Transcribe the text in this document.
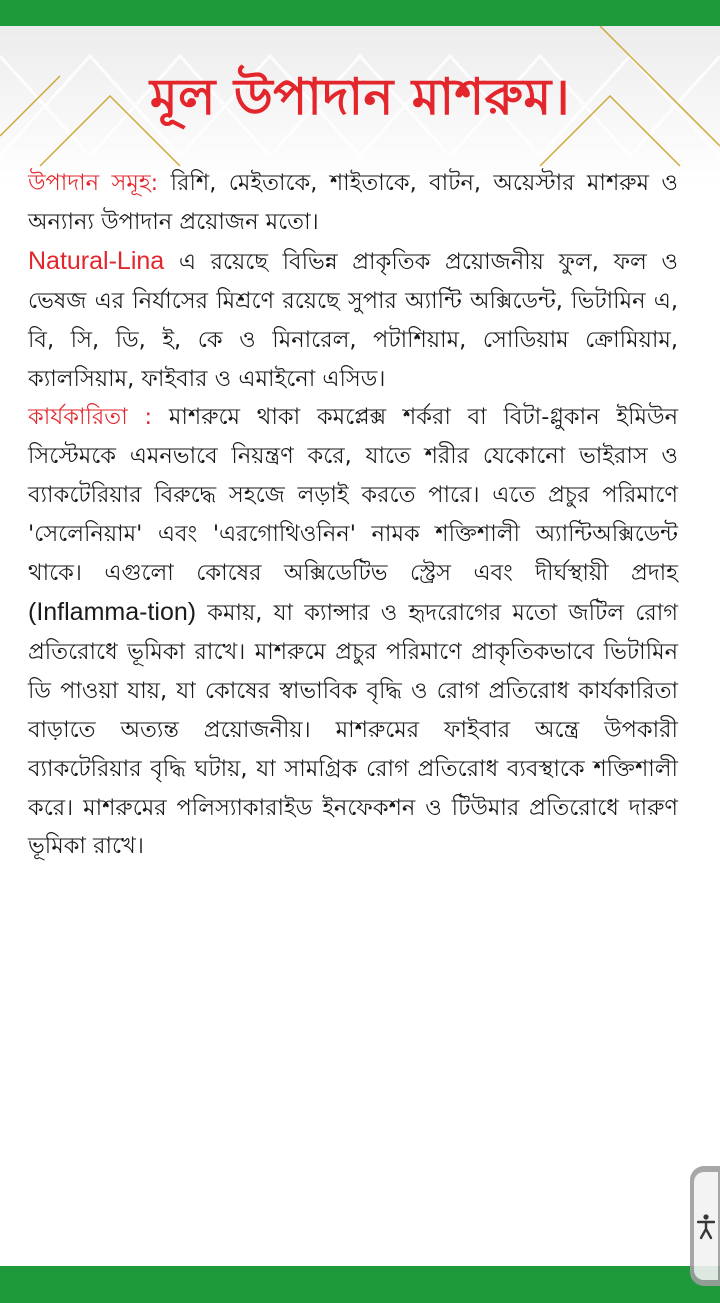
মূল উপাদান মাশরুম।

উপাদান সমূহ: রিশি, মেইতাকে, শাইতাকে, বাটন, অয়েস্টার মাশরুম ও অন্যান্য উপাদান প্রয়োজন মতো।

Natural-Lina এ রয়েছে বিভিন্ন প্রাকৃতিক প্রয়োজনীয় ফুল, ফল ও ভেষজ এর নির্যাসের মিশ্রণে রয়েছে সুপার অ্যান্টি অক্সিডেন্ট, ভিটামিন এ, বি, সি, ডি, ই, কে ও মিনারেল, পটাশিয়াম, সোডিয়াম ক্রোমিয়াম, ক্যালসিয়াম, ফাইবার ও এমাইনো এসিড।

কার্যকারিতা : মাশরুমে থাকা কমপ্লেক্স শর্করা বা বিটা-গ্লুকান ইমিউন সিস্টেমকে এমনভাবে নিয়ন্ত্রণ করে, যাতে শরীর যেকোনো ভাইরাস ও ব্যাকটেরিয়ার বিরুদ্ধে সহজে লড়াই করতে পারে। এতে প্রচুর পরিমাণে 'সেলেনিয়াম' এবং 'এরগোথিওনিন' নামক শক্তিশালী অ্যান্টিঅক্সিডেন্ট থাকে। এগুলো কোষের অক্সিডেটিভ স্ট্রেস এবং দীর্ঘস্থায়ী প্রদাহ (Inflamma-tion) কমায়, যা ক্যান্সার ও হৃদরোগের মতো জটিল রোগ প্রতিরোধে ভূমিকা রাখে। মাশরুমে প্রচুর পরিমাণে প্রাকৃতিকভাবে ভিটামিন ডি পাওয়া যায়, যা কোষের স্বাভাবিক বৃদ্ধি ও রোগ প্রতিরোধ কার্যকারিতা বাড়াতে অত্যন্ত প্রয়োজনীয়। মাশরুমের ফাইবার অন্ত্রে উপকারী ব্যাকটেরিয়ার বৃদ্ধি ঘটায়, যা সামগ্রিক রোগ প্রতিরোধ ব্যবস্থাকে শক্তিশালী করে। মাশরুমের পলিস্যাকারাইড ইনফেকশন ও টিউমার প্রতিরোধে দারুণ ভূমিকা রাখে।
